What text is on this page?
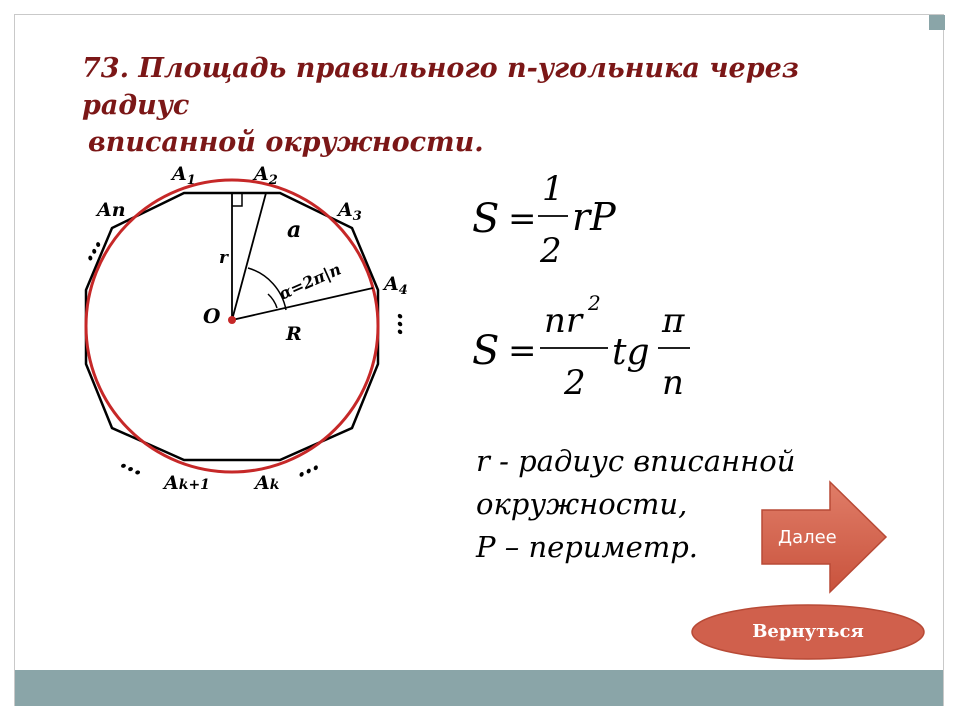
73. Площадь правильного n-угольника через радиус
вписанной окружности.
$A_1$	$A_2$
$A_3$
$A_4$
An
Ak+1 Ak
O
r
R
a
α=2π|n
…
…
…	…
S =
1
2
rP
S =
nr 2
2
tg
π
n
r - радиус вписанной
окружности,
P – периметр.	Далее
Вернуться
